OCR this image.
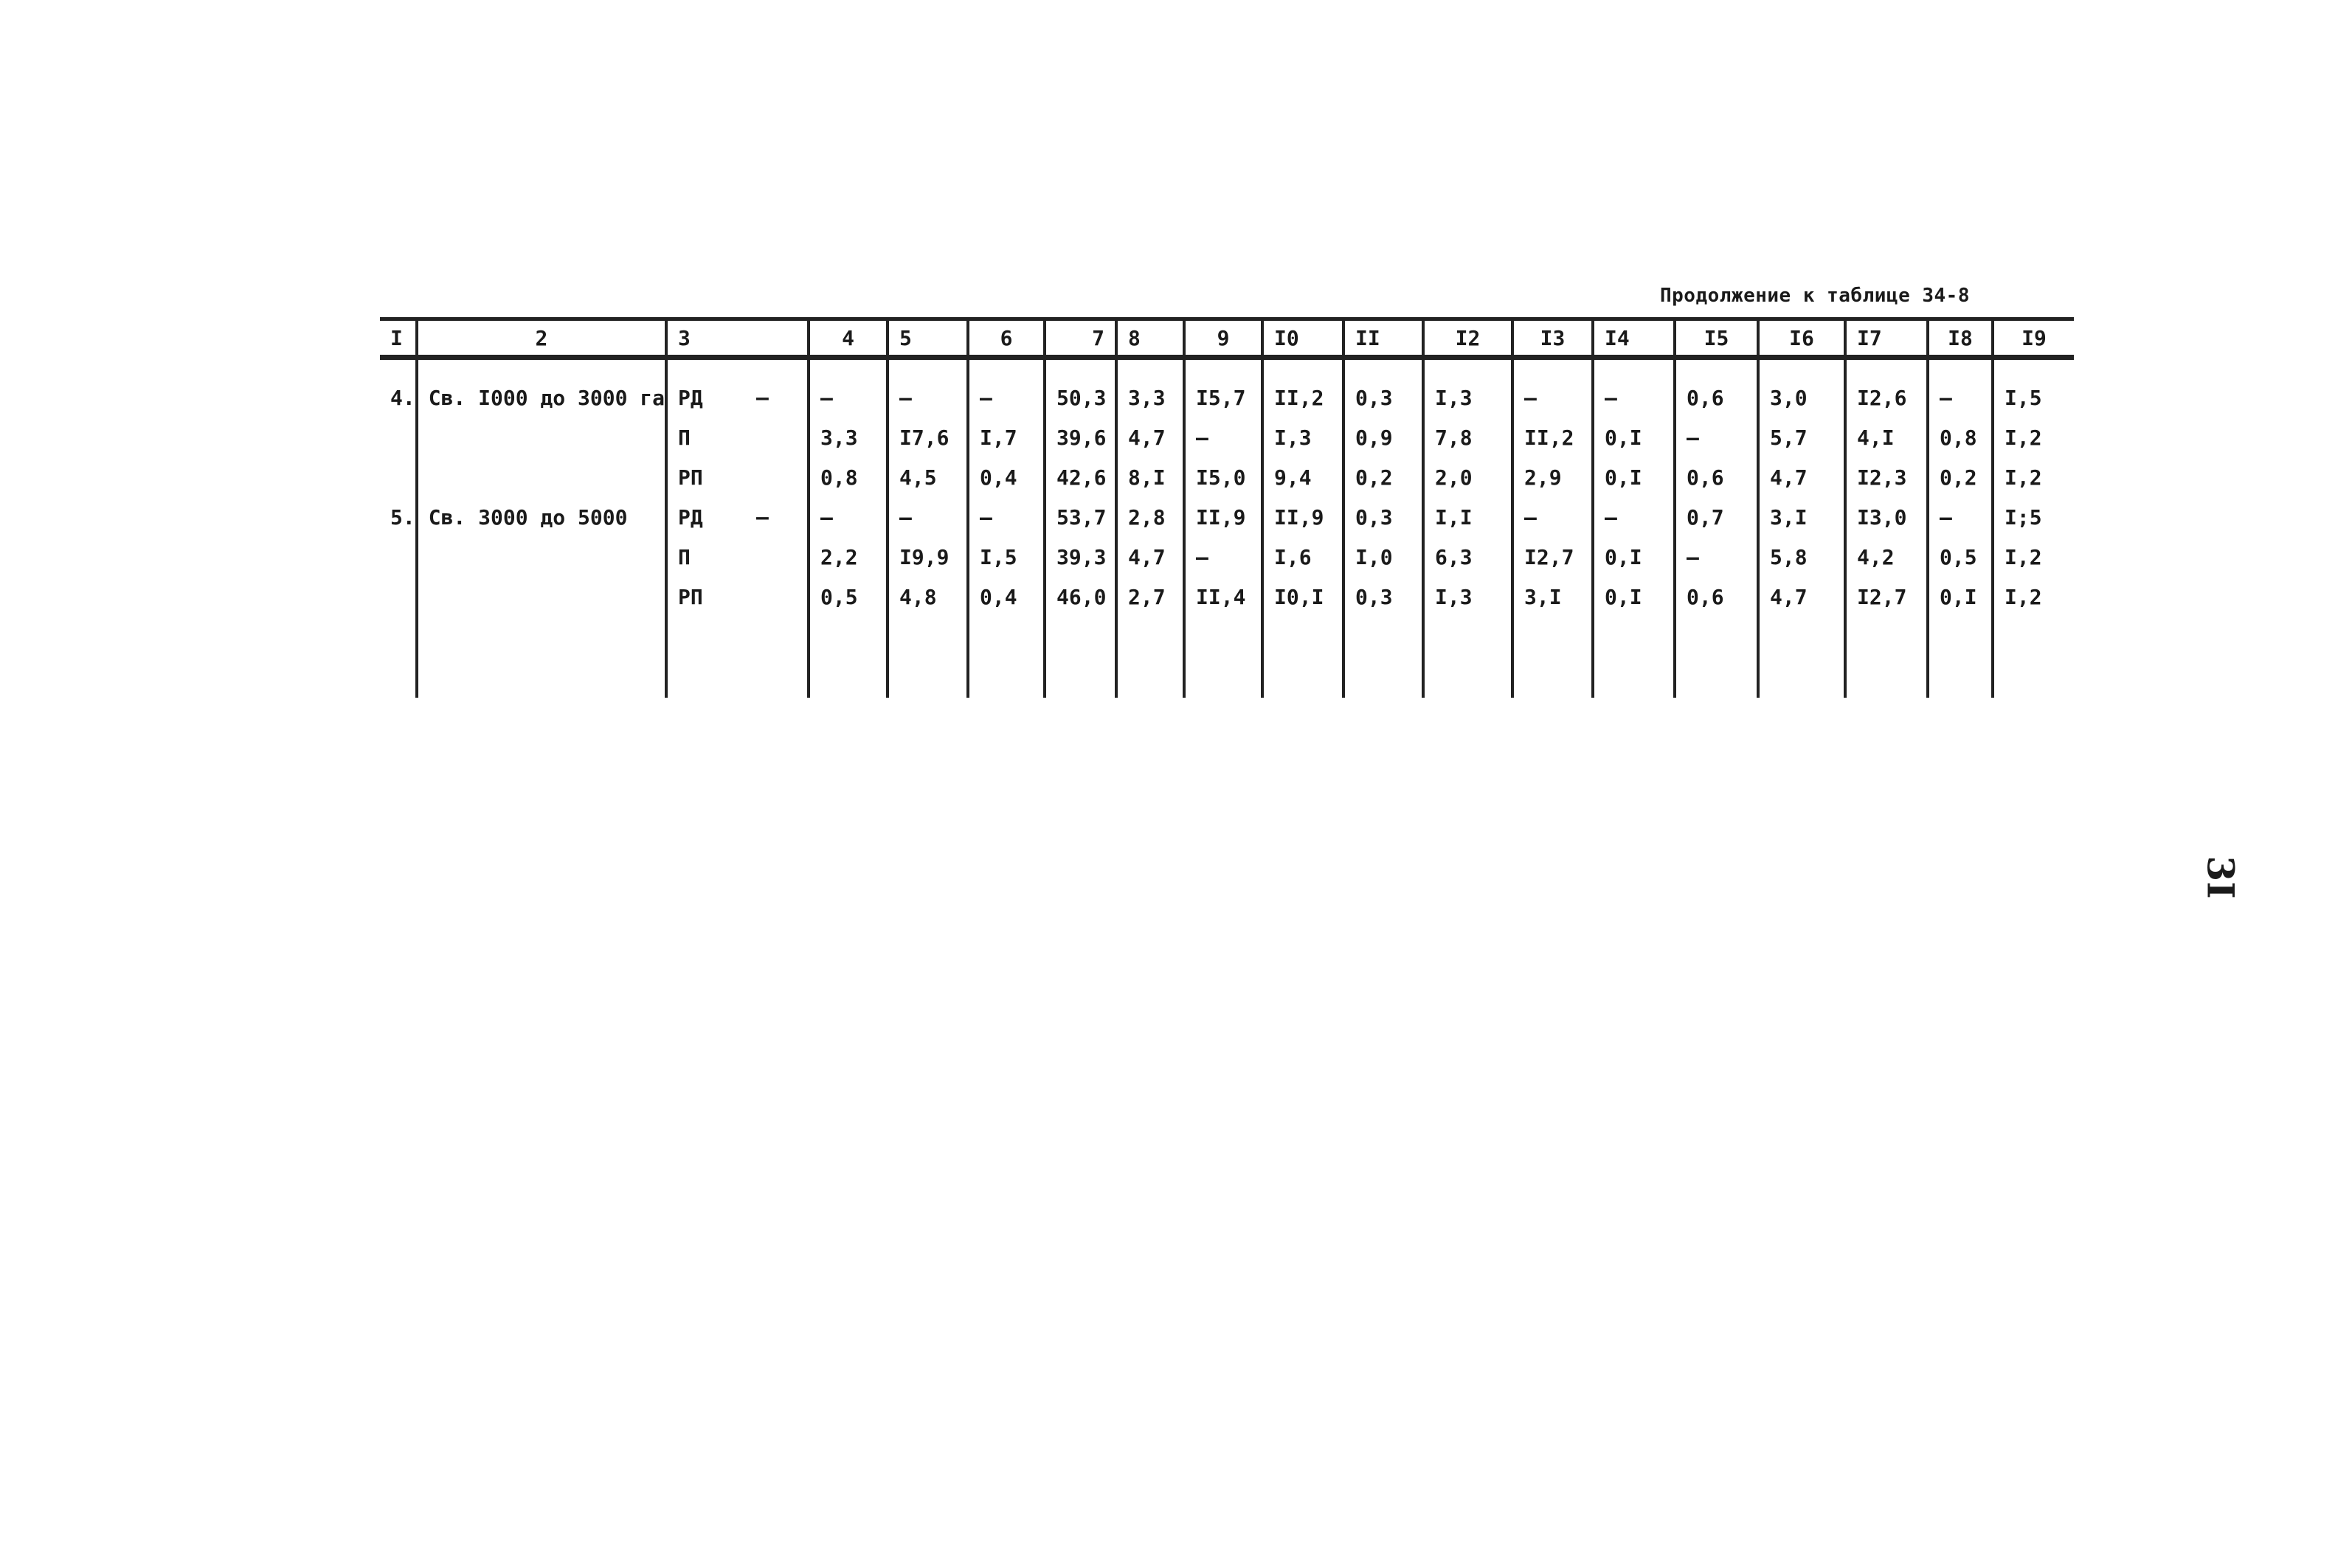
Продолжение к таблице 34-8
I	2	3	4	5	6	7	8	9	I0	II	I2	I3	I4	I5	I6	I7	I8	I9

4.	Св. I000 до 3000 га	РД –	–	–	–	50,3	3,3	I5,7	II,2	0,3	I,3	–	–	0,6	3,0	I2,6	–	I,5
		П	3,3	I7,6	I,7	39,6	4,7	–	I,3	0,9	7,8	II,2	0,I	–	5,7	4,I	0,8	I,2
		РП	0,8	4,5	0,4	42,6	8,I	I5,0	9,4	0,2	2,0	2,9	0,I	0,6	4,7	I2,3	0,2	I,2
5.	Св. 3000 до 5000	РД –	–	–	–	53,7	2,8	II,9	II,9	0,3	I,I	–	–	0,7	3,I	I3,0	–	I;5
		П	2,2	I9,9	I,5	39,3	4,7	–	I,6	I,0	6,3	I2,7	0,I	–	5,8	4,2	0,5	I,2
		РП	0,5	4,8	0,4	46,0	2,7	II,4	I0,I	0,3	I,3	3,I	0,I	0,6	4,7	I2,7	0,I	I,2

3I
